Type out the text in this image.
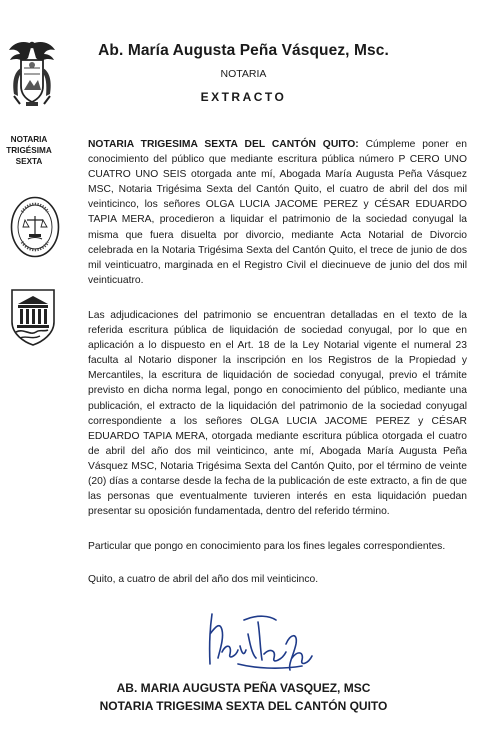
Ab. María Augusta Peña Vásquez, Msc.
NOTARIA
EXTRACTO
NOTARIA
TRIGÉSIMA
SEXTA
NOTARIA TRIGESIMA SEXTA DEL CANTÓN QUITO: Cúmpleme poner en conocimiento del público que mediante escritura pública número P CERO UNO CUATRO UNO SEIS otorgada ante mí, Abogada María Augusta Peña Vásquez MSC, Notaria Trigésima Sexta del Cantón Quito, el cuatro de abril del dos mil veinticinco, los señores OLGA LUCIA JACOME PEREZ y CÉSAR EDUARDO TAPIA MERA, procedieron a liquidar el patrimonio de la sociedad conyugal la misma que fuera disuelta por divorcio, mediante Acta Notarial de Divorcio celebrada en la Notaria Trigésima Sexta del Cantón Quito, el trece de junio de dos mil veinticuatro, marginada en el Registro Civil el diecinueve de junio del dos mil veinticuatro.
Las adjudicaciones del patrimonio se encuentran detalladas en el texto de la referida escritura pública de liquidación de sociedad conyugal, por lo que en aplicación a lo dispuesto en el Art. 18 de la Ley Notarial vigente el numeral 23 faculta al Notario disponer la inscripción en los Registros de la Propiedad y Mercantiles, la escritura de liquidación de sociedad conyugal, previo el trámite previsto en dicha norma legal, pongo en conocimiento del público, mediante una publicación, el extracto de la liquidación del patrimonio de la sociedad conyugal correspondiente a los señores OLGA LUCIA JACOME PEREZ y CÉSAR EDUARDO TAPIA MERA, otorgada mediante escritura pública otorgada el cuatro de abril del año dos mil veinticinco, ante mí, Abogada María Augusta Peña Vásquez MSC, Notaria Trigésima Sexta del Cantón Quito, por el término de veinte (20) días a contarse desde la fecha de la publicación de este extracto, a fin de que las personas que eventualmente tuvieren interés en esta liquidación puedan presentar su oposición fundamentada, dentro del referido término.
Particular que pongo en conocimiento para los fines legales correspondientes.
Quito, a cuatro de abril del año dos mil veinticinco.
AB. MARIA AUGUSTA PEÑA VASQUEZ, MSC
NOTARIA TRIGESIMA SEXTA DEL CANTÓN QUITO
